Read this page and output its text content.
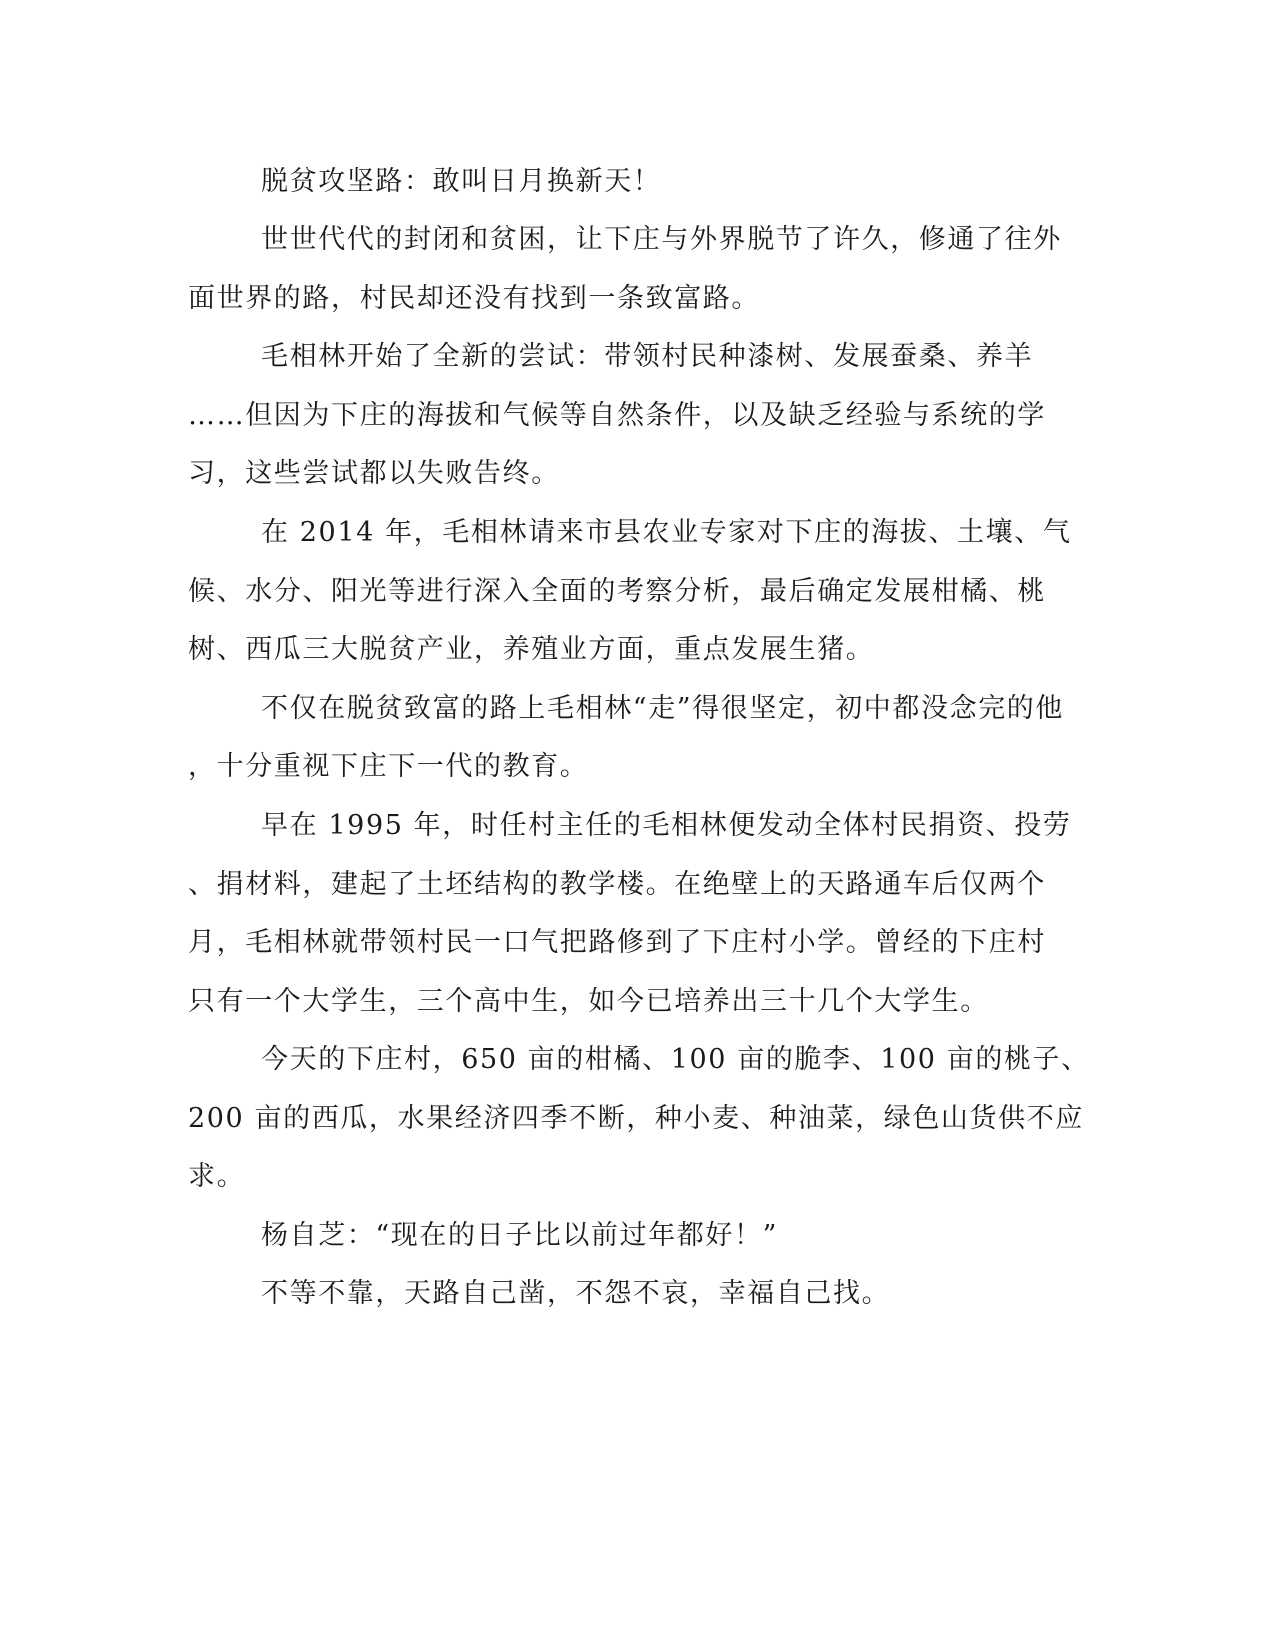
脱贫攻坚路：敢叫日月换新天！
世世代代的封闭和贫困，让下庄与外界脱节了许久，修通了往外
面世界的路，村民却还没有找到一条致富路。
毛相林开始了全新的尝试：带领村民种漆树、发展蚕桑、养羊
……但因为下庄的海拔和气候等自然条件，以及缺乏经验与系统的学
习，这些尝试都以失败告终。
在 2014 年，毛相林请来市县农业专家对下庄的海拔、土壤、气
候、水分、阳光等进行深入全面的考察分析，最后确定发展柑橘、桃
树、西瓜三大脱贫产业，养殖业方面，重点发展生猪。
不仅在脱贫致富的路上毛相林“走”得很坚定，初中都没念完的他
，十分重视下庄下一代的教育。
早在 1995 年，时任村主任的毛相林便发动全体村民捐资、投劳
、捐材料，建起了土坯结构的教学楼。在绝壁上的天路通车后仅两个
月，毛相林就带领村民一口气把路修到了下庄村小学。曾经的下庄村
只有一个大学生，三个高中生，如今已培养出三十几个大学生。
今天的下庄村，650 亩的柑橘、100 亩的脆李、100 亩的桃子、
200 亩的西瓜，水果经济四季不断，种小麦、种油菜，绿色山货供不应
求。
杨自芝：“现在的日子比以前过年都好！”
不等不靠，天路自己凿，不怨不哀，幸福自己找。
